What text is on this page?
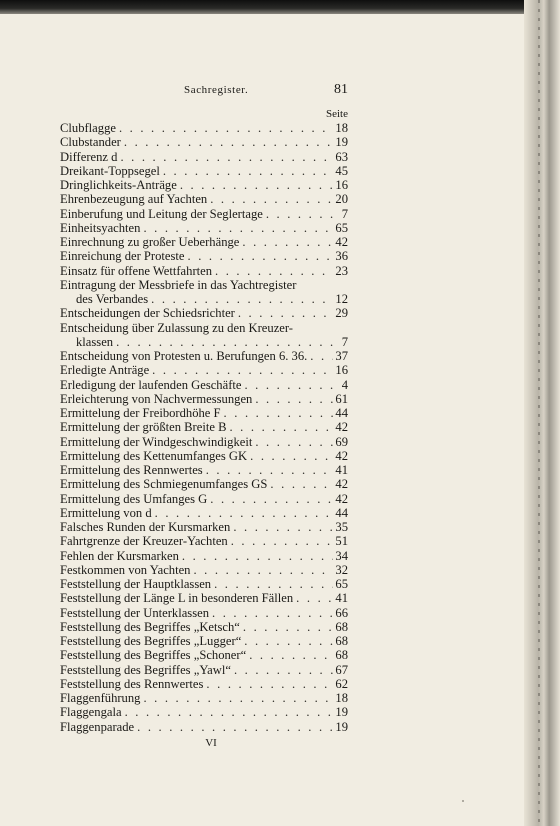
Sachregister.	81
Seite
Clubflagge . . .	18
Clubstander . . .	19
Differenz d . . .	63
Dreikant-Toppsegel . . .	45
Dringlichkeits-Anträge . . .	16
Ehrenbezeugung auf Yachten . . .	20
Einberufung und Leitung der Seglertage . . .	7
Einheitsyachten . . .	65
Einrechnung zu großer Ueberhänge . . .	42
Einreichung der Proteste . . .	36
Einsatz für offene Wettfahrten . . .	23
Eintragung der Messbriefe in das Yachtregister
des Verbandes . . .	12
Entscheidungen der Schiedsrichter . . .	29
Entscheidung über Zulassung zu den Kreuzer-
klassen . . .	7
Entscheidung von Protesten u. Berufungen 6. 36. . . . 37
Erledigte Anträge . . .	16
Erledigung der laufenden Geschäfte . . .	4
Erleichterung von Nachvermessungen . . .	61
Ermittelung der Freibordhöhe F . . .	44
Ermittelung der größten Breite B . . .	42
Ermittelung der Windgeschwindigkeit . . .	69
Ermittelung des Kettenumfanges GK . . .	42
Ermittelung des Rennwertes . . .	41
Ermittelung des Schmiegenumfanges GS . . .	42
Ermittelung des Umfanges G . . .	42
Ermittelung von d . . .	44
Falsches Runden der Kursmarken . . .	35
Fahrtgrenze der Kreuzer-Yachten . . .	51
Fehlen der Kursmarken . . .	34
Festkommen von Yachten . . .	32
Feststellung der Hauptklassen . . .	65
Feststellung der Länge L in besonderen Fällen . . .	41
Feststellung der Unterklassen . . .	66
Feststellung des Begriffes „Ketsch“ . . .	68
Feststellung des Begriffes „Lugger“ . . .	68
Feststellung des Begriffes „Schoner“ . . .	68
Feststellung des Begriffes „Yawl“ . . .	67
Feststellung des Rennwertes . . .	62
Flaggenführung . . .	18
Flaggengala . . .	19
Flaggenparade . . .	19
VI
